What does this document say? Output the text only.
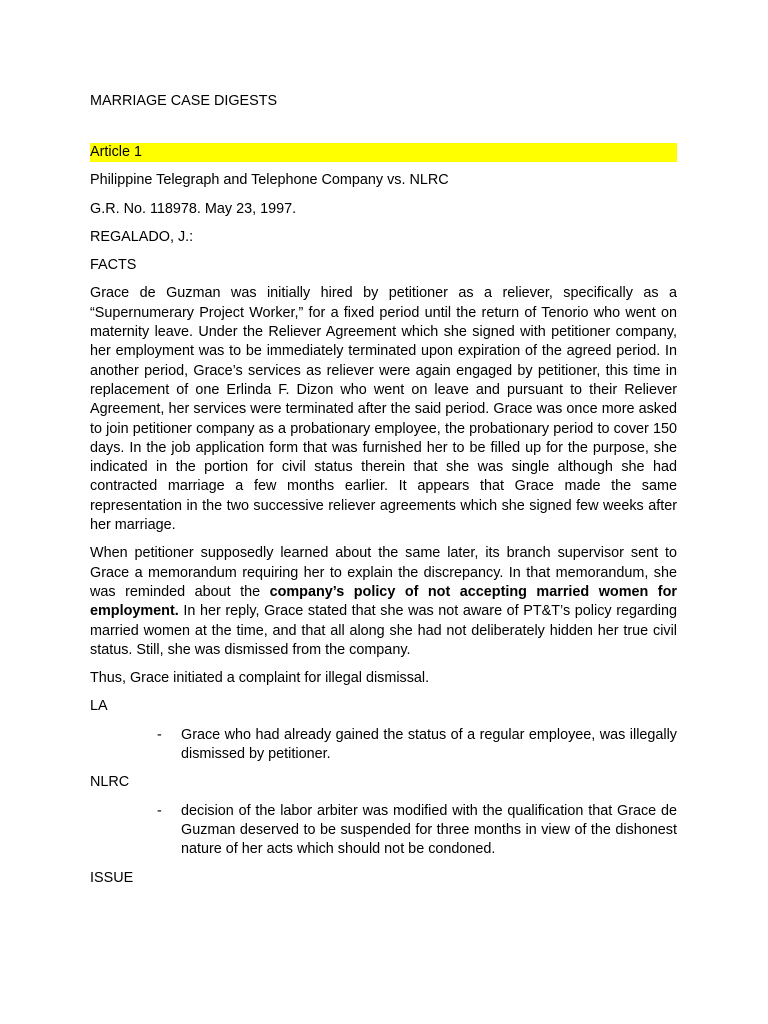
MARRIAGE CASE DIGESTS
Article 1
Philippine Telegraph and Telephone Company vs. NLRC
G.R. No. 118978. May 23, 1997.
REGALADO, J.:
FACTS
Grace de Guzman was initially hired by petitioner as a reliever, specifically as a “Supernumerary Project Worker,” for a fixed period until the return of Tenorio who went on maternity leave. Under the Reliever Agreement which she signed with petitioner company, her employment was to be immediately terminated upon expiration of the agreed period. In another period, Grace’s services as reliever were again engaged by petitioner, this time in replacement of one Erlinda F. Dizon who went on leave and pursuant to their Reliever Agreement, her services were terminated after the said period. Grace was once more asked to join petitioner company as a probationary employee, the probationary period to cover 150 days. In the job application form that was furnished her to be filled up for the purpose, she indicated in the portion for civil status therein that she was single although she had contracted marriage a few months earlier. It appears that Grace made the same representation in the two successive reliever agreements which she signed few weeks after her marriage.
When petitioner supposedly learned about the same later, its branch supervisor sent to Grace a memorandum requiring her to explain the discrepancy. In that memorandum, she was reminded about the company’s policy of not accepting married women for employment. In her reply, Grace stated that she was not aware of PT&T’s policy regarding married women at the time, and that all along she had not deliberately hidden her true civil status. Still, she was dismissed from the company.
Thus, Grace initiated a complaint for illegal dismissal.
LA
- Grace who had already gained the status of a regular employee, was illegally dismissed by petitioner.
NLRC
- decision of the labor arbiter was modified with the qualification that Grace de Guzman deserved to be suspended for three months in view of the dishonest nature of her acts which should not be condoned.
ISSUE
